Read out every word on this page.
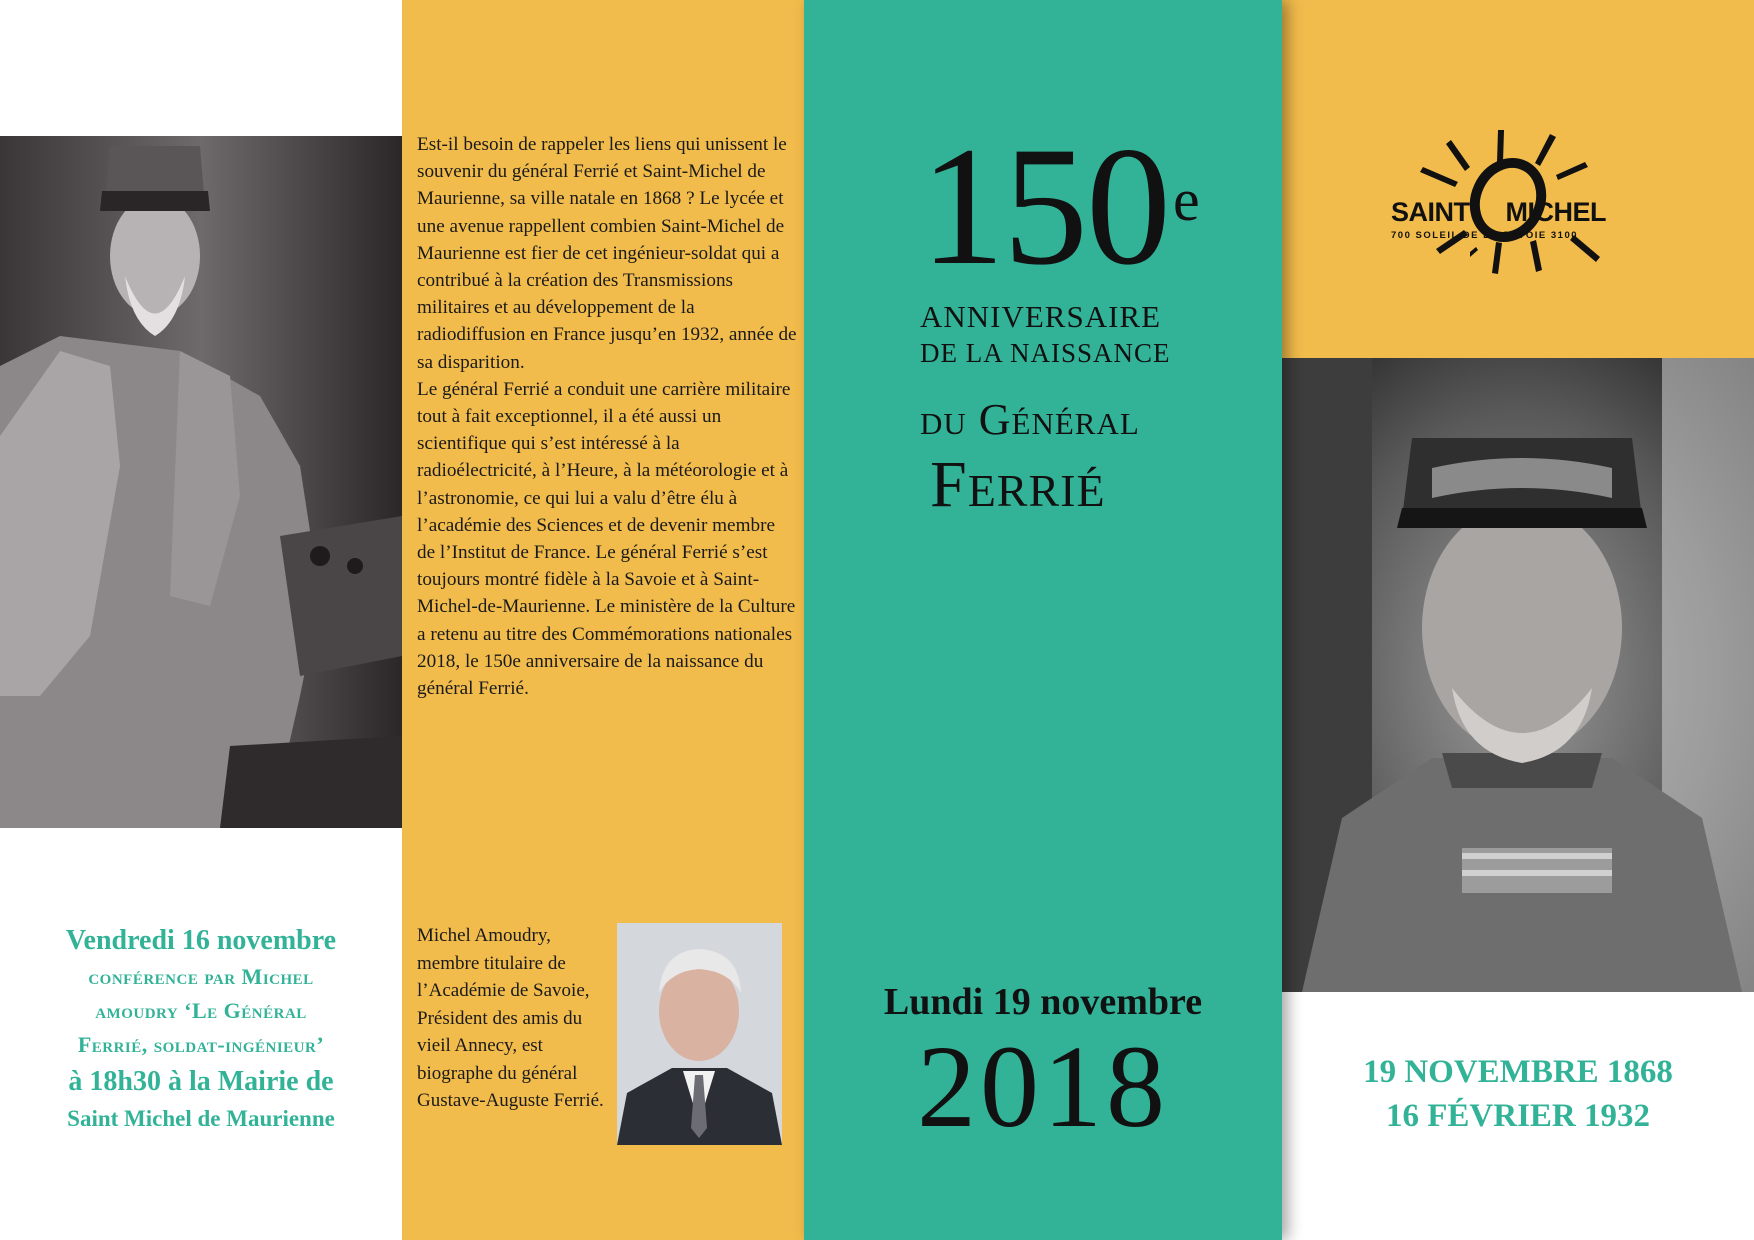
Est-il besoin de rappeler les liens qui unissent le souvenir du général Ferrié et Saint-Michel de Maurienne, sa ville natale en 1868 ? Le lycée et une avenue rappellent combien Saint-Michel de Maurienne est fier de cet ingénieur-soldat qui a contribué à la création des Transmissions militaires et au développement de la radiodiffusion en France jusqu’en 1932, année de sa disparition.

Le général Ferrié a conduit une carrière militaire tout à fait exceptionnel, il a été aussi un scientifique qui s’est intéressé à la radioélectricité, à l’Heure, à la météorologie et à l’astronomie, ce qui lui a valu d’être élu à l’académie des Sciences et de devenir membre de l’Institut de France. Le général Ferrié s’est toujours montré fidèle à la Savoie et à Saint-Michel-de-Maurienne. Le ministère de la Culture a retenu au titre des Commémorations nationales 2018, le 150e anniversaire de la naissance du général Ferrié.

Michel Amoudry, membre titulaire de l’Académie de Savoie, Président des amis du vieil Annecy, est biographe du général Gustave-Auguste Ferrié.
Vendredi 16 novembre
conférence par Michel
amoudry ‘Le Général
Ferrié, soldat-ingénieur’
à 18h30 à la Mairie de
Saint Michel de Maurienne
150e
ANNIVERSAIRE
DE LA NAISSANCE
du Général
Ferrié
Lundi 19 novembre
2018
SAINT MICHEL
700 SOLEIL DE LA SAVOIE 3100
19 NOVEMBRE 1868
16 FÉVRIER 1932
